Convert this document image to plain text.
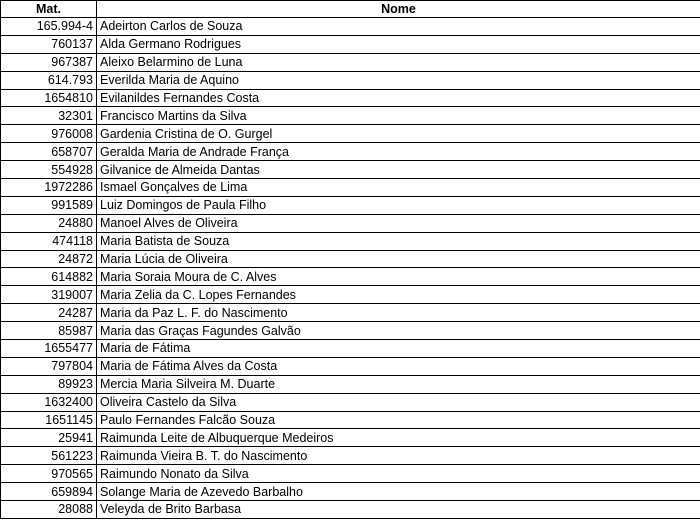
Mat.	Nome
165.994-4	Adeirton Carlos de Souza
760137	Alda Germano Rodrigues
967387	Aleixo Belarmino de Luna
614.793	Everilda Maria de Aquino
1654810	Evilanildes Fernandes Costa
32301	Francisco Martins da Silva
976008	Gardenia Cristina de O. Gurgel
658707	Geralda Maria de Andrade França
554928	Gilvanice de Almeida Dantas
1972286	Ismael Gonçalves de Lima
991589	Luiz Domingos de Paula Filho
24880	Manoel Alves de Oliveira
474118	Maria Batista de Souza
24872	Maria Lúcia de Oliveira
614882	Maria Soraia Moura de C. Alves
319007	Maria Zelia da C. Lopes Fernandes
24287	Maria da Paz L. F. do Nascimento
85987	Maria das Graças Fagundes Galvão
1655477	Maria de Fátima
797804	Maria de Fátima Alves da Costa
89923	Mercia Maria Silveira M. Duarte
1632400	Oliveira Castelo da Silva
1651145	Paulo Fernandes Falcão Souza
25941	Raimunda Leite de Albuquerque Medeiros
561223	Raimunda Vieira B. T. do Nascimento
970565	Raimundo Nonato da Silva
659894	Solange Maria de Azevedo Barbalho
28088	Veleyda de Brito Barbasa
